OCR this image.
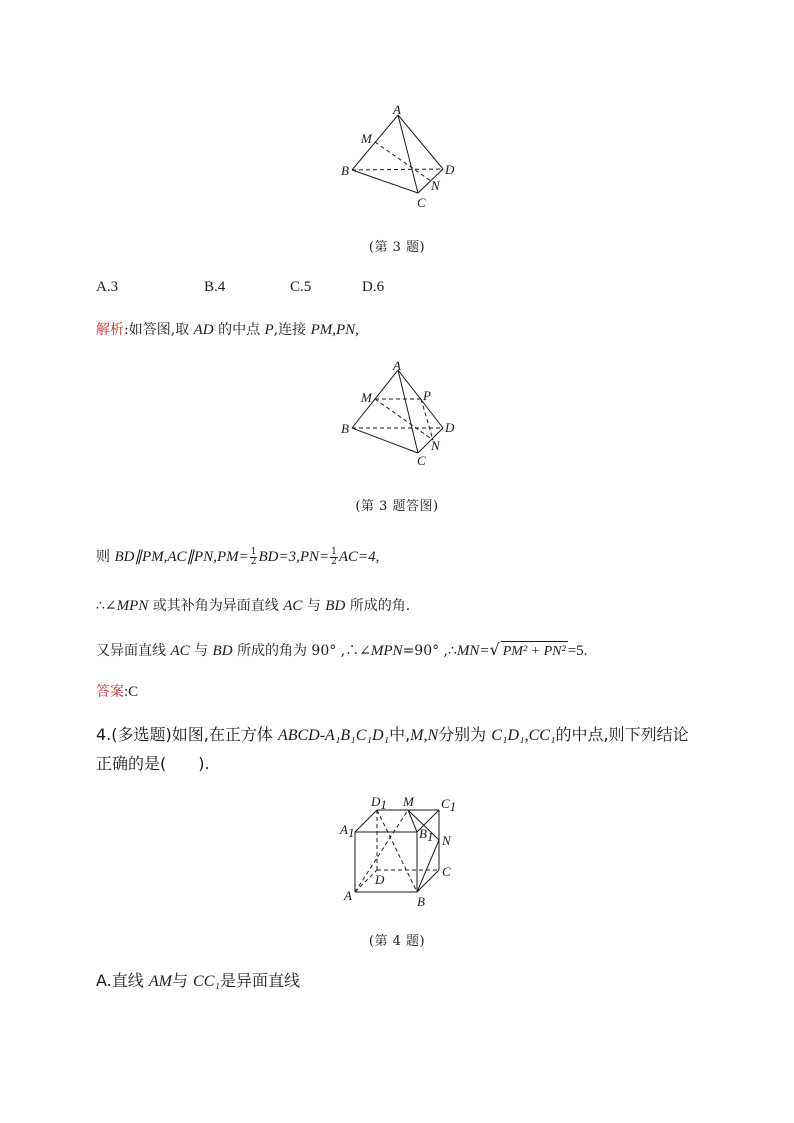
A
M
B	D
N
C
(第 3 题)
A.3	B.4	C.5	D.6
解析:如答图,取 AD 的中点 P,连接 PM,PN,
A
M	P
B	D
N
C
(第 3 题答图)
则 BD∥PM,AC∥PN,PM= $\frac{1}{2} BD=3,PN= \frac{1}{2} AC=4$,
∴∠MPN 或其补角为异面直线 AC 与 BD 所成的角.
又异面直线 AC 与 BD 所成的角为 90° ,∴∠MPN=90° ,∴MN=√ PM² + PN² =5.
答案:C
4.(多选题)如图,在正方体 ABCD-A₁B₁C₁D₁中,M,N分别为 C₁D₁,CC₁的中点,则下列结论
正确的是(　　).
D1 M C1
A1	B1 N
D
C
A	B
(第 4 题)
A.直线 AM与 CC₁是异面直线
